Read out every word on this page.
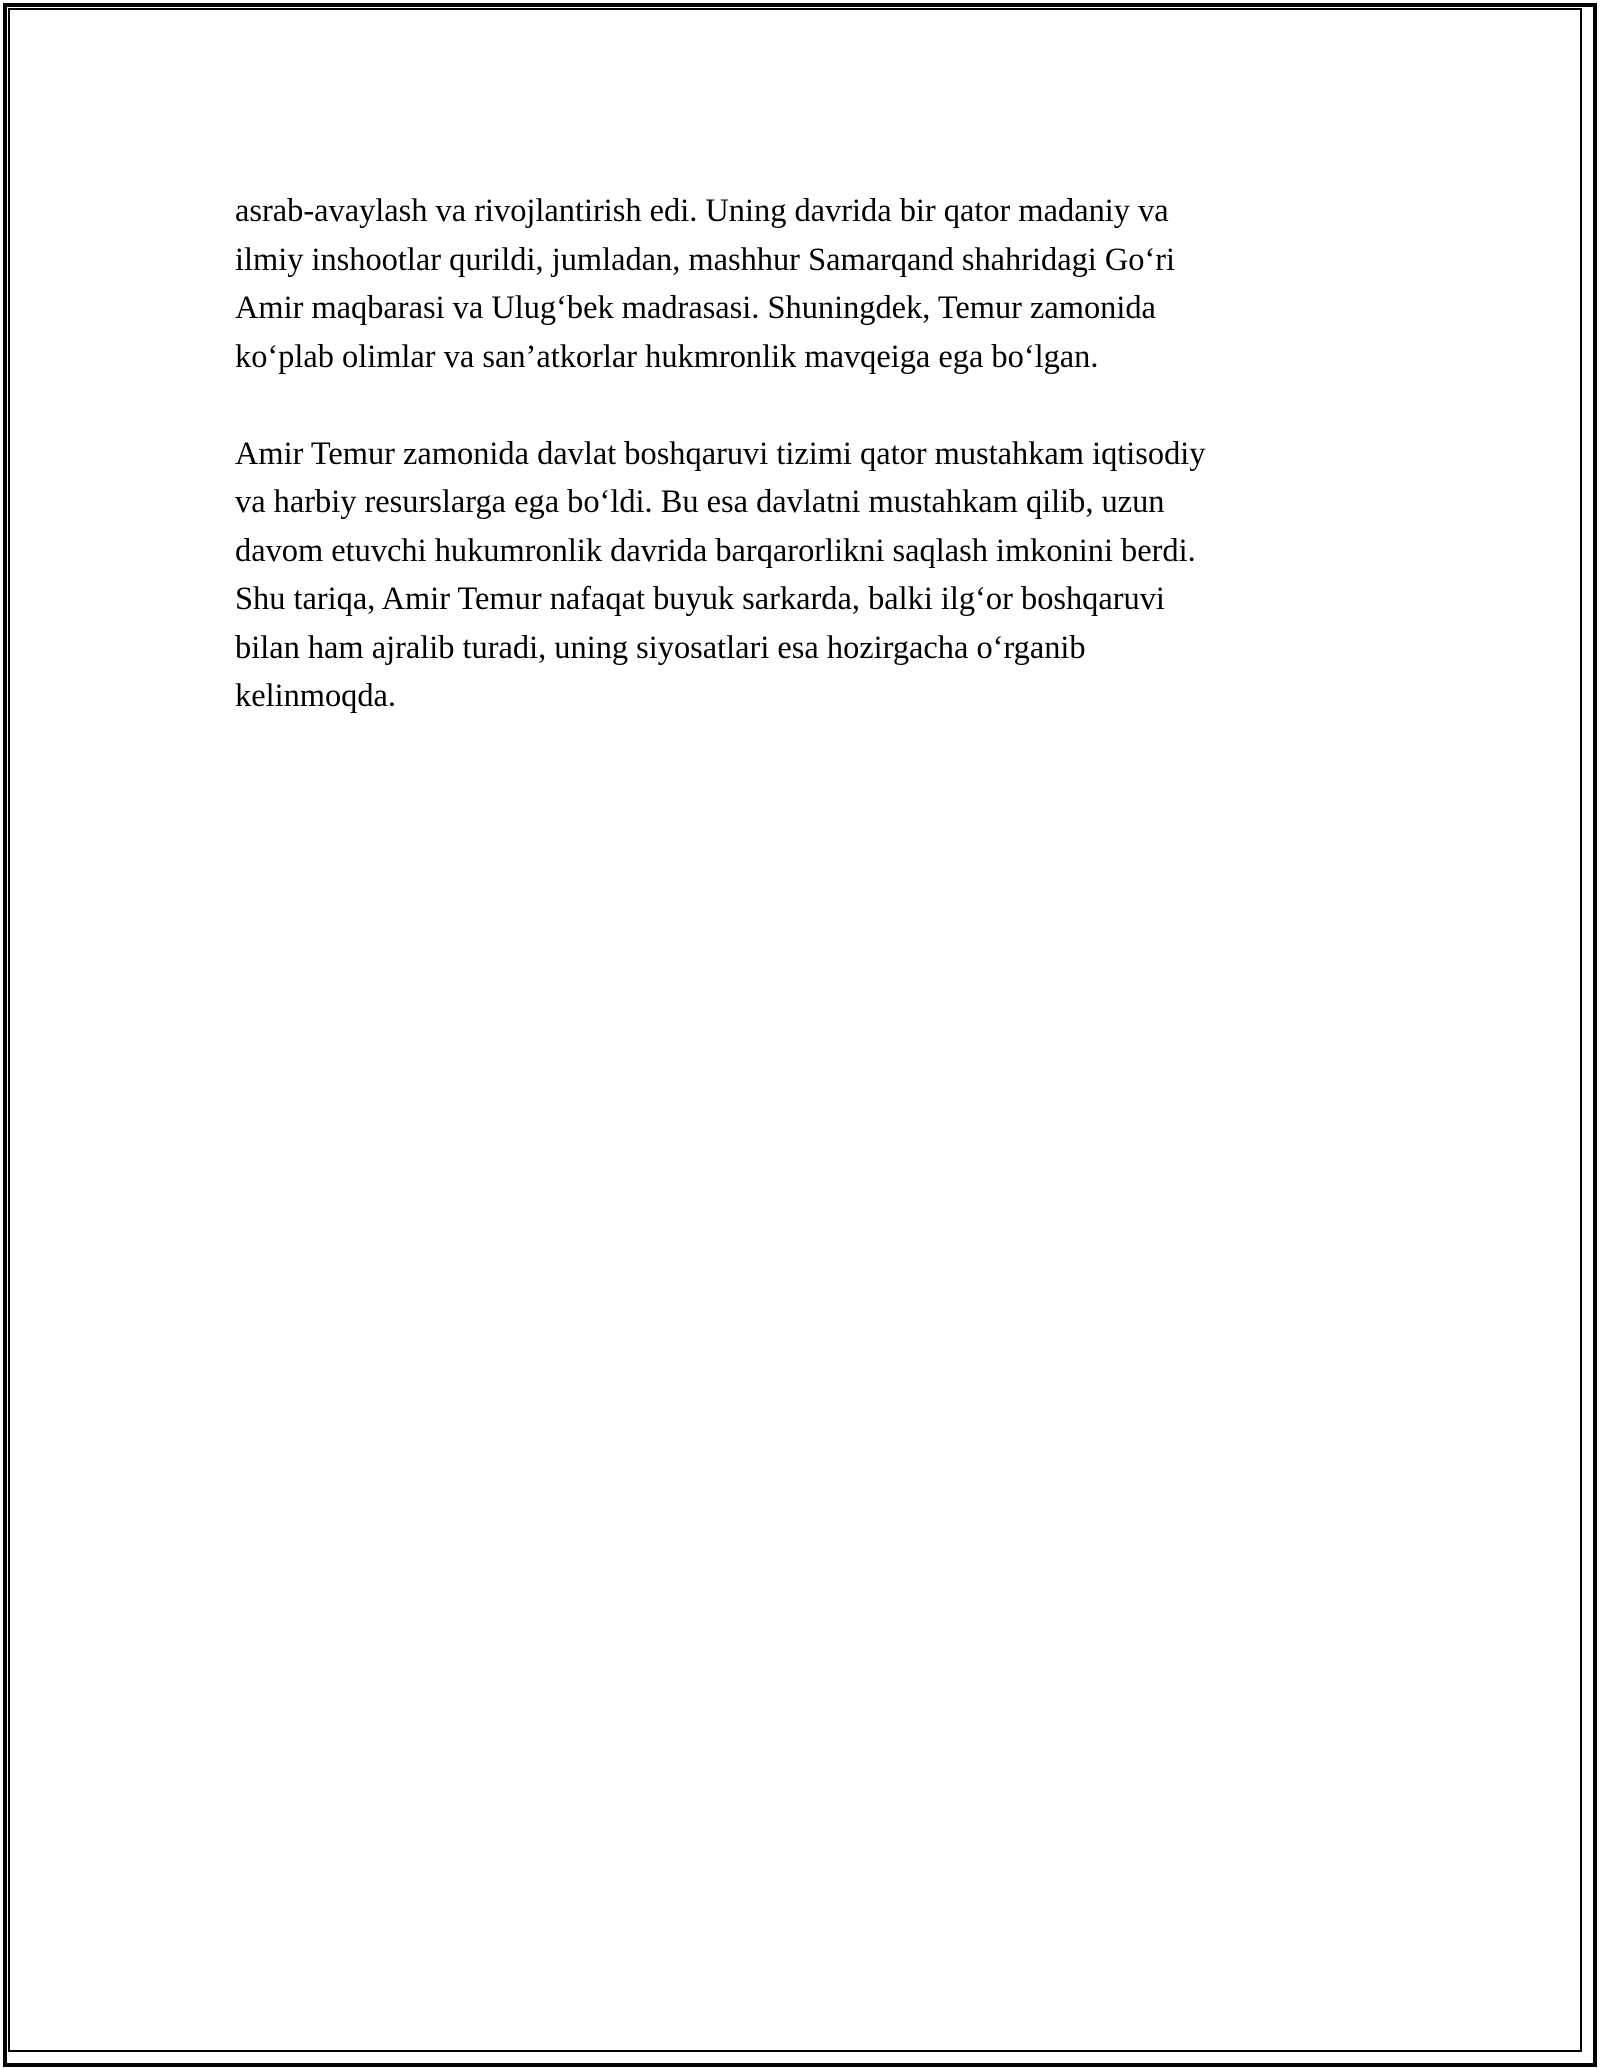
asrab-avaylash va rivojlantirish edi. Uning davrida bir qator madaniy va
ilmiy inshootlar qurildi, jumladan, mashhur Samarqand shahridagi Go‘ri
Amir maqbarasi va Ulug‘bek madrasasi. Shuningdek, Temur zamonida
ko‘plab olimlar va san’atkorlar hukmronlik mavqeiga ega bo‘lgan.

Amir Temur zamonida davlat boshqaruvi tizimi qator mustahkam iqtisodiy
va harbiy resurslarga ega bo‘ldi. Bu esa davlatni mustahkam qilib, uzun
davom etuvchi hukumronlik davrida barqarorlikni saqlash imkonini berdi.
Shu tariqa, Amir Temur nafaqat buyuk sarkarda, balki ilg‘or boshqaruvi
bilan ham ajralib turadi, uning siyosatlari esa hozirgacha o‘rganib
kelinmoqda.
